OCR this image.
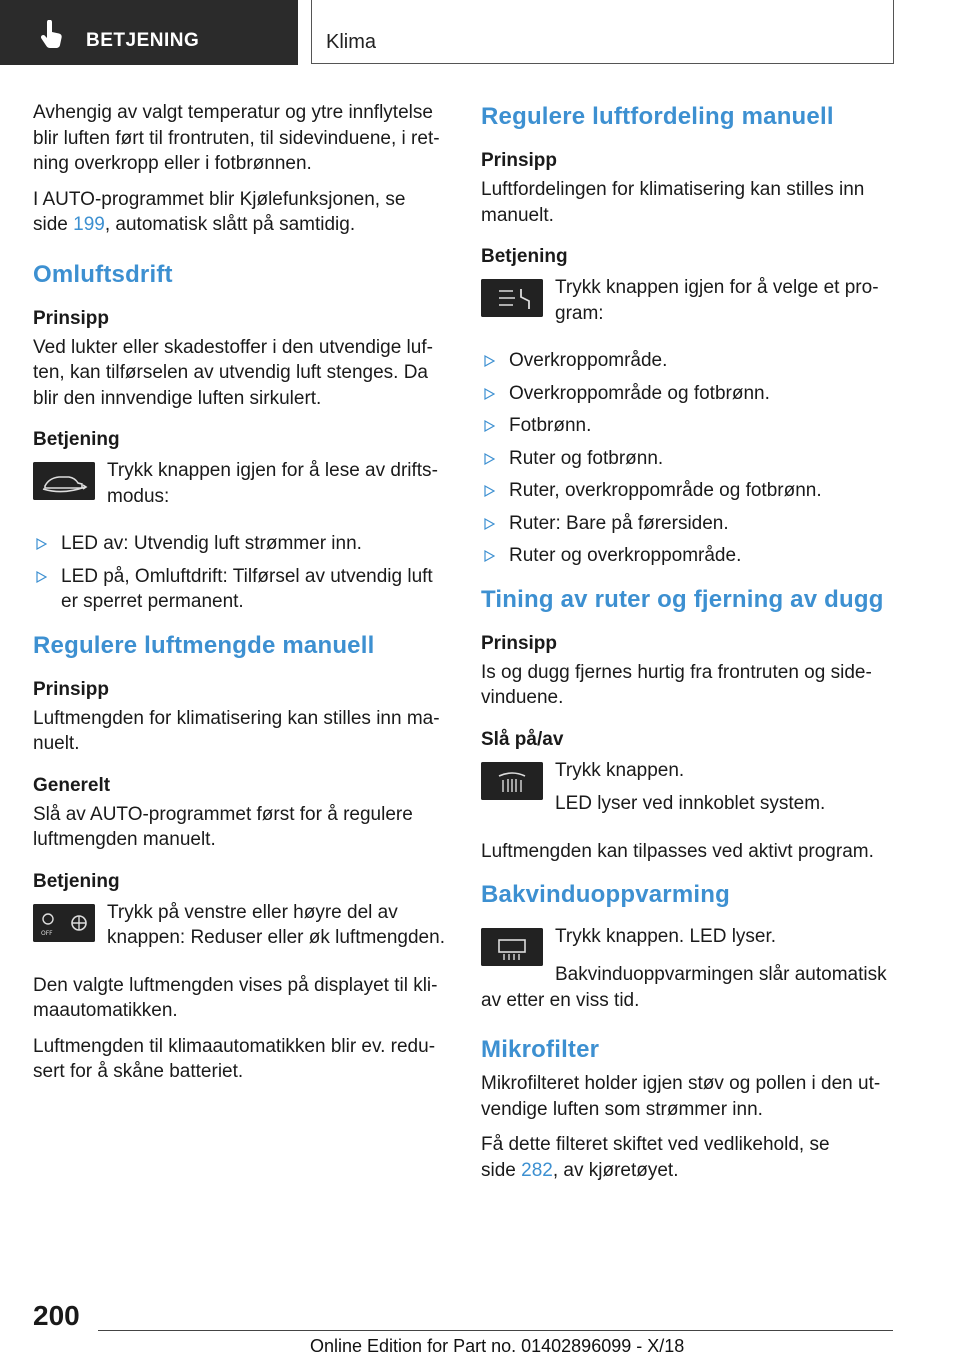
BETJENING	Klima

Avhengig av valgt temperatur og ytre innflytelse blir luften ført til frontruten, til sidevinduene, i retning overkropp eller i fotbrønnen.

I AUTO-programmet blir Kjølefunksjonen, se
side 199, automatisk slått på samtidig.

Omluftsdrift
Prinsipp

Ved lukter eller skadestoffer i den utvendige luften, kan tilførselen av utvendig luft stenges. Da blir den innvendige luften sirkulert.

Betjening

Trykk knappen igjen for å lese av driftsmodus:

LED av: Utvendig luft strømmer inn.
LED på, Omluftdrift: Tilførsel av utvendig luft er sperret permanent.
Regulere luftmengde manuell
Prinsipp

Luftmengden for klimatisering kan stilles inn manuelt.

Generelt

Slå av AUTO-programmet først for å regulere luftmengden manuelt.

Betjening
OFF

Trykk på venstre eller høyre del av knappen: Reduser eller øk luftmengden.

Den valgte luftmengden vises på displayet til klimaautomatikken.

Luftmengden til klimaautomatikken blir ev. redusert for å skåne batteriet.

Regulere luftfordeling manuell
Prinsipp

Luftfordelingen for klimatisering kan stilles inn manuelt.

Betjening

Trykk knappen igjen for å velge et program:

Overkroppområde.
Overkroppområde og fotbrønn.
Fotbrønn.
Ruter og fotbrønn.
Ruter, overkroppområde og fotbrønn.
Ruter: Bare på førersiden.
Ruter og overkroppområde.
Tining av ruter og fjerning av dugg
Prinsipp

Is og dugg fjernes hurtig fra frontruten og sidevinduene.

Slå på/av

Trykk knappen.

LED lyser ved innkoblet system.

Luftmengden kan tilpasses ved aktivt program.

Bakvinduoppvarming

Trykk knappen. LED lyser.

Bakvinduoppvarmingen slår automatisk av etter en viss tid.

Mikrofilter

Mikrofilteret holder igjen støv og pollen i den utvendige luften som strømmer inn.

Få dette filteret skiftet ved vedlikehold, se
side 282, av kjøretøyet.

200
Online Edition for Part no. 01402896099 - X/18
